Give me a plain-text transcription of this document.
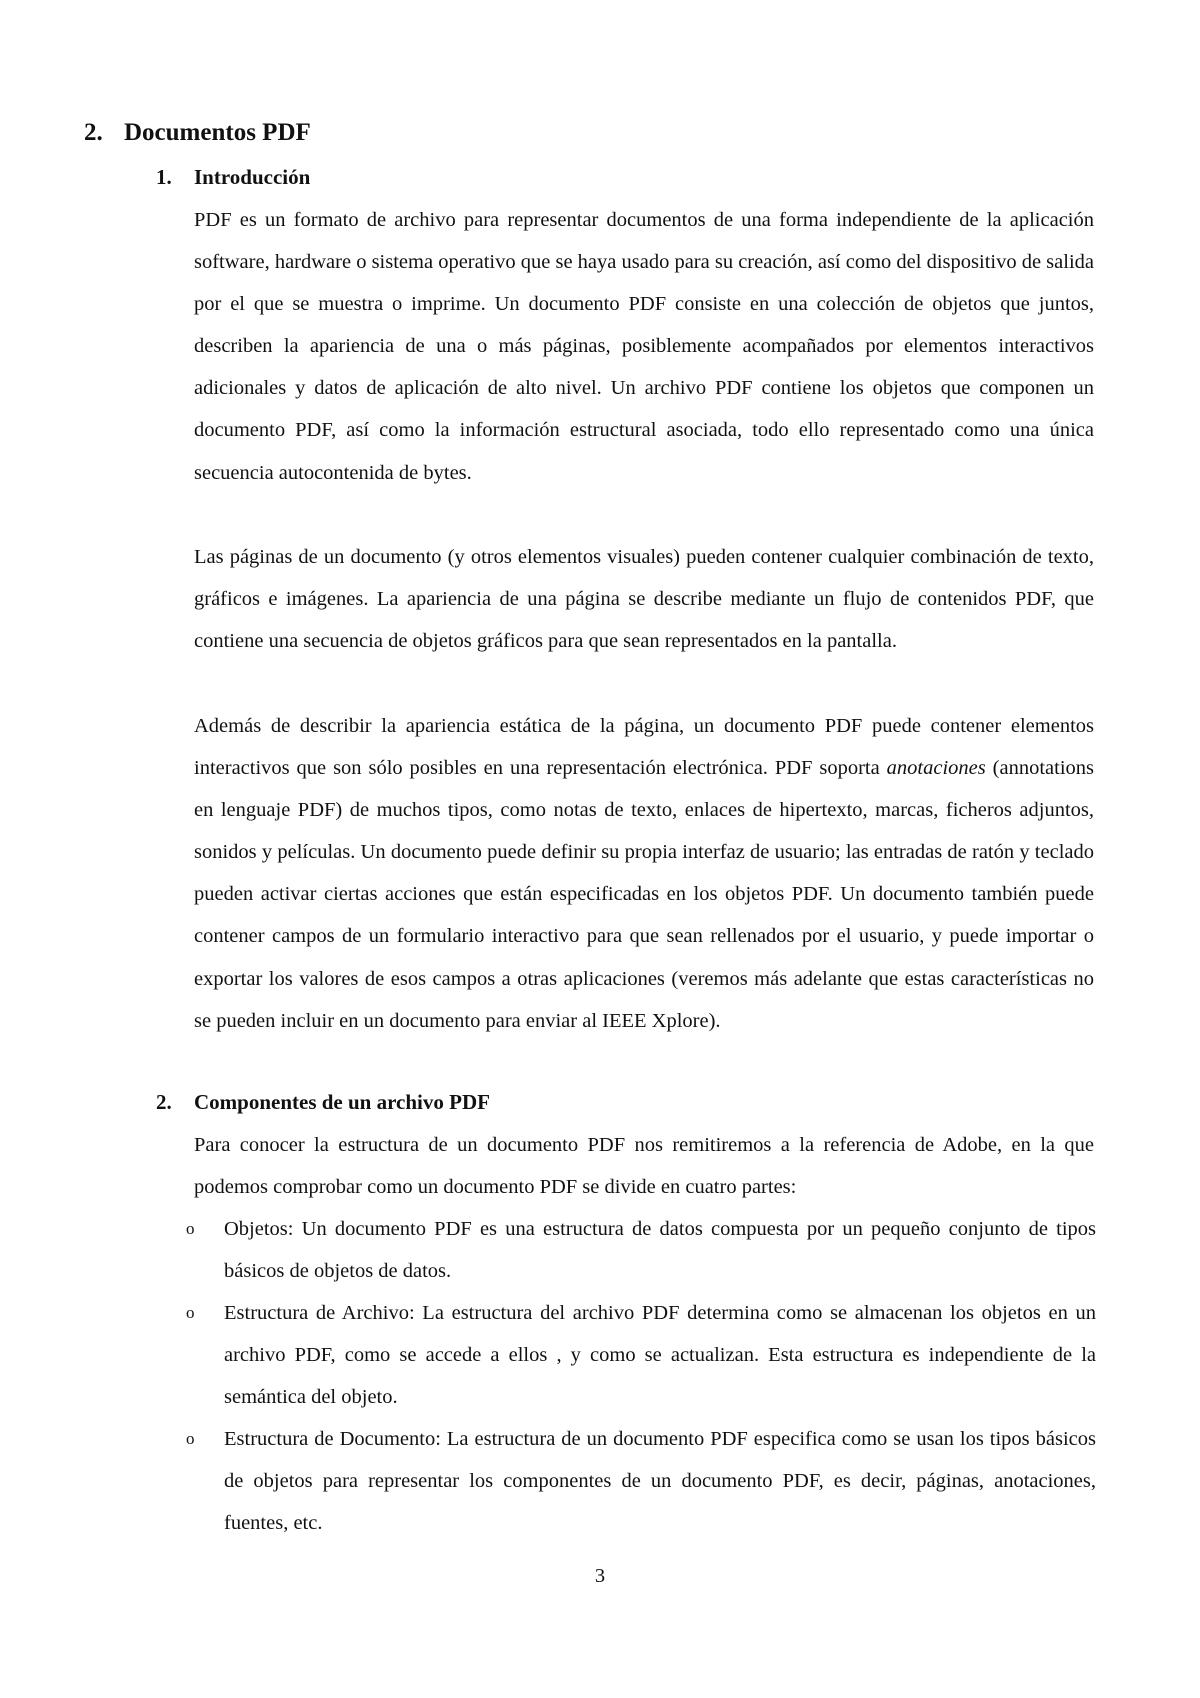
2. Documentos PDF
1. Introducción

PDF es un formato de archivo para representar documentos de una forma independiente de la aplicación software, hardware o sistema operativo que se haya usado para su creación, así como del dispositivo de salida por el que se muestra o imprime. Un documento PDF consiste en una colección de objetos que juntos, describen la apariencia de una o más páginas, posiblemente acompañados por elementos interactivos adicionales y datos de aplicación de alto nivel. Un archivo PDF contiene los objetos que componen un documento PDF, así como la información estructural asociada, todo ello representado como una única secuencia autocontenida de bytes.

Las páginas de un documento (y otros elementos visuales) pueden contener cualquier combinación de texto, gráficos e imágenes. La apariencia de una página se describe mediante un flujo de contenidos PDF, que contiene una secuencia de objetos gráficos para que sean representados en la pantalla.

Además de describir la apariencia estática de la página, un documento PDF puede contener elementos interactivos que son sólo posibles en una representación electrónica. PDF soporta anotaciones (annotations en lenguaje PDF) de muchos tipos, como notas de texto, enlaces de hipertexto, marcas, ficheros adjuntos, sonidos y películas. Un documento puede definir su propia interfaz de usuario; las entradas de ratón y teclado pueden activar ciertas acciones que están especificadas en los objetos PDF. Un documento también puede contener campos de un formulario interactivo para que sean rellenados por el usuario, y puede importar o exportar los valores de esos campos a otras aplicaciones (veremos más adelante que estas características no se pueden incluir en un documento para enviar al IEEE Xplore).

2. Componentes de un archivo PDF

Para conocer la estructura de un documento PDF nos remitiremos a la referencia de Adobe, en la que podemos comprobar como un documento PDF se divide en cuatro partes:

o Objetos: Un documento PDF es una estructura de datos compuesta por un pequeño conjunto de tipos básicos de objetos de datos.
o Estructura de Archivo: La estructura del archivo PDF determina como se almacenan los objetos en un archivo PDF, como se accede a ellos , y como se actualizan. Esta estructura es independiente de la semántica del objeto.
o Estructura de Documento: La estructura de un documento PDF especifica como se usan los tipos básicos de objetos para representar los componentes de un documento PDF, es decir, páginas, anotaciones, fuentes, etc.
3
